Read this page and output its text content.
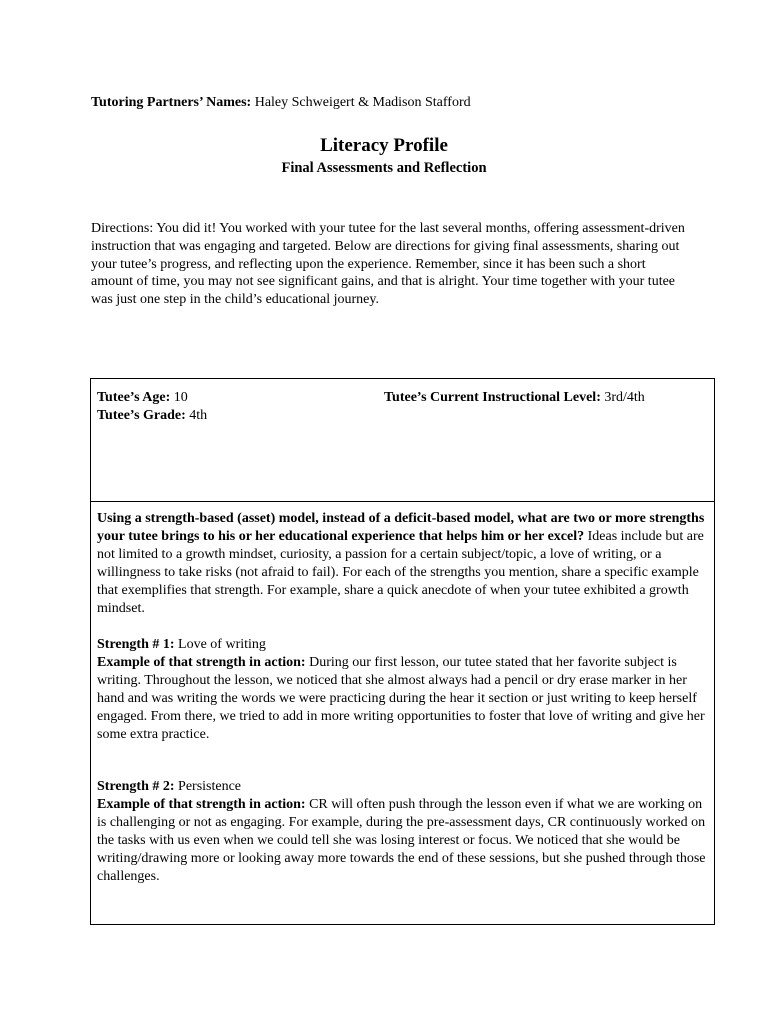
Tutoring Partners’ Names: Haley Schweigert & Madison Stafford
Literacy Profile
Final Assessments and Reflection
Directions: You did it! You worked with your tutee for the last several months, offering assessment-driven instruction that was engaging and targeted. Below are directions for giving final assessments, sharing out your tutee’s progress, and reflecting upon the experience. Remember, since it has been such a short amount of time, you may not see significant gains, and that is alright. Your time together with your tutee was just one step in the child’s educational journey.
Tutee’s Age: 10
Tutee’s Grade: 4th
Tutee’s Current Instructional Level: 3rd/4th

Using a strength-based (asset) model, instead of a deficit-based model, what are two or more strengths your tutee brings to his or her educational experience that helps him or her excel? Ideas include but are not limited to a growth mindset, curiosity, a passion for a certain subject/topic, a love of writing, or a willingness to take risks (not afraid to fail). For each of the strengths you mention, share a specific example that exemplifies that strength. For example, share a quick anecdote of when your tutee exhibited a growth mindset.

Strength # 1: Love of writing

Example of that strength in action: During our first lesson, our tutee stated that her favorite subject is writing. Throughout the lesson, we noticed that she almost always had a pencil or dry erase marker in her hand and was writing the words we were practicing during the hear it section or just writing to keep herself engaged. From there, we tried to add in more writing opportunities to foster that love of writing and give her some extra practice.

Strength # 2: Persistence

Example of that strength in action: CR will often push through the lesson even if what we are working on is challenging or not as engaging. For example, during the pre-assessment days, CR continuously worked on the tasks with us even when we could tell she was losing interest or focus. We noticed that she would be writing/drawing more or looking away more towards the end of these sessions, but she pushed through those challenges.
